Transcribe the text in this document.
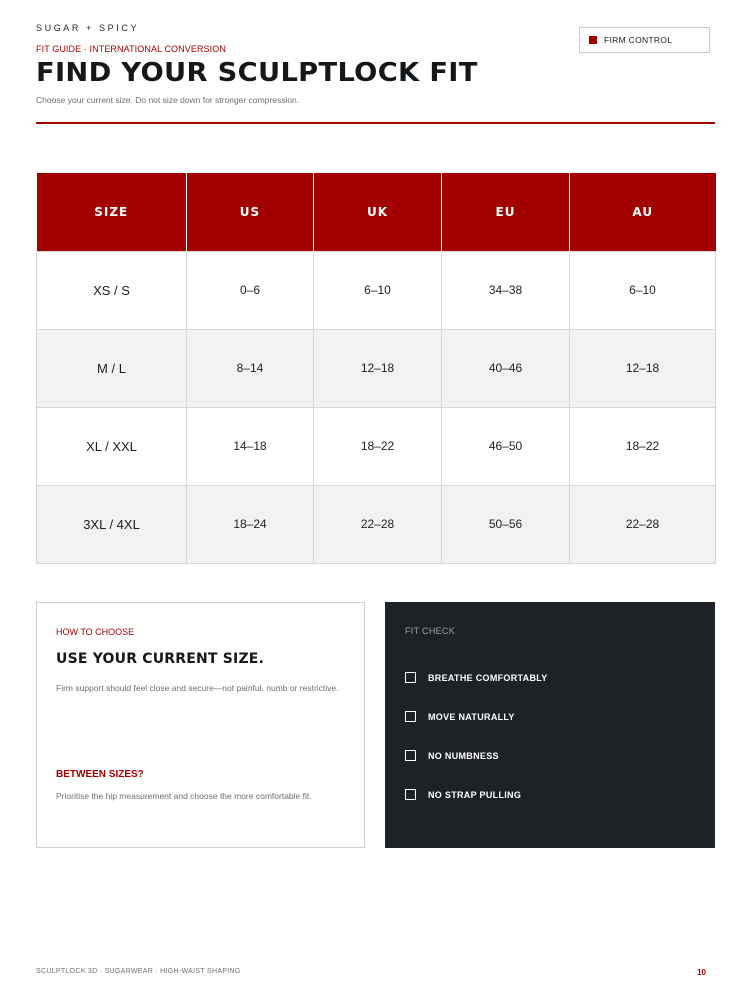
SUGAR + SPICY
FIT GUIDE · INTERNATIONAL CONVERSION
FIND YOUR SCULPTLOCK FIT

Choose your current size. Do not size down for stronger compression.

FIRM CONTROL
SIZE	US	UK	EU	AU
XS / S	0–6	6–10	34–38	6–10
M / L	8–14	12–18	40–46	12–18
XL / XXL	14–18	18–22	46–50	18–22
3XL / 4XL	18–24	22–28	50–56	22–28
HOW TO CHOOSE
USE YOUR CURRENT SIZE.

Firm support should feel close and secure—not painful, numb or restrictive.

BETWEEN SIZES?

Prioritise the hip measurement and choose the more comfortable fit.

FIT CHECK
BREATHE COMFORTABLY
MOVE NATURALLY
NO NUMBNESS
NO STRAP PULLING
SCULPTLOCK 3D · SUGARWEAR · HIGH-WAIST SHAPING	10
